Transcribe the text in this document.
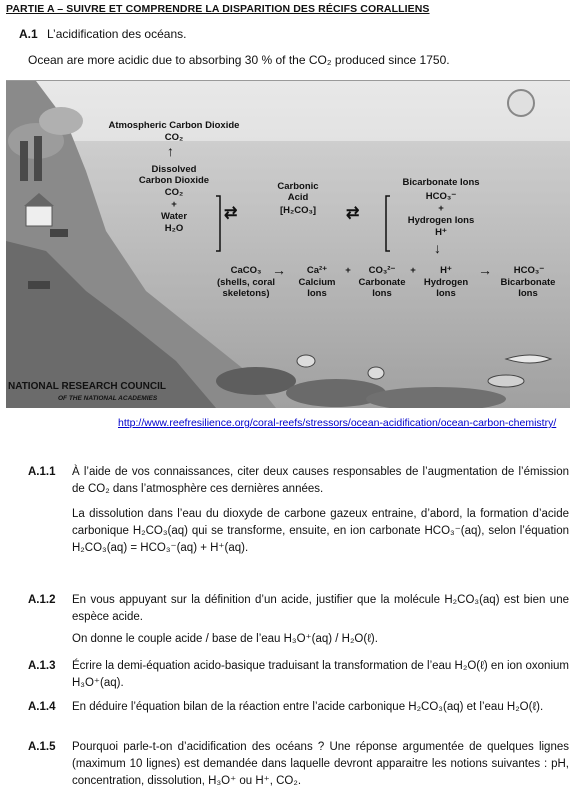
PARTIE A – SUIVRE ET COMPRENDRE LA DISPARITION DES RÉCIFS CORALLIENS
A.1 L’acidification des océans.
Ocean are more acidic due to absorbing 30 % of the CO₂ produced since 1750.
Atmospheric Carbon Dioxide
CO₂
↑
Dissolved
Carbon Dioxide
CO₂
+
Water
H₂O
⇄
Carbonic
Acid
[H₂CO₃]	⇄
Bicarbonate Ions
HCO₃⁻
+
Hydrogen Ions
H⁺
↓
CaCO₃
(shells, coral
skeletons)
→	Ca²⁺
Calcium
Ions
+	CO₃²⁻
Carbonate
Ions
+	H⁺
Hydrogen
Ions
→	HCO₃⁻
Bicarbonate
Ions
NATIONAL RESEARCH COUNCIL
OF THE NATIONAL ACADEMIES
http://www.reefresilience.org/coral-reefs/stressors/ocean-acidification/ocean-carbon-chemistry/
A.1.1 À l’aide de vos connaissances, citer deux causes responsables de l’augmentation de l’émission de CO₂ dans l’atmosphère ces dernières années.
La dissolution dans l’eau du dioxyde de carbone gazeux entraine, d’abord, la formation d’acide carbonique H₂CO₃(aq) qui se transforme, ensuite, en ion carbonate HCO₃⁻(aq), selon l’équation H₂CO₃(aq) = HCO₃⁻(aq) + H⁺(aq).
A.1.2 En vous appuyant sur la définition d’un acide, justifier que la molécule H₂CO₃(aq) est bien une espèce acide.
On donne le couple acide / base de l’eau H₃O⁺(aq) / H₂O(ℓ).
A.1.3 Écrire la demi-équation acido-basique traduisant la transformation de l’eau H₂O(ℓ) en ion oxonium H₃O⁺(aq).
A.1.4 En déduire l’équation bilan de la réaction entre l’acide carbonique H₂CO₃(aq) et l’eau H₂O(ℓ).
A.1.5 Pourquoi parle-t-on d’acidification des océans ? Une réponse argumentée de quelques lignes (maximum 10 lignes) est demandée dans laquelle devront apparaitre les notions suivantes : pH, concentration, dissolution, H₃O⁺ ou H⁺, CO₂.
